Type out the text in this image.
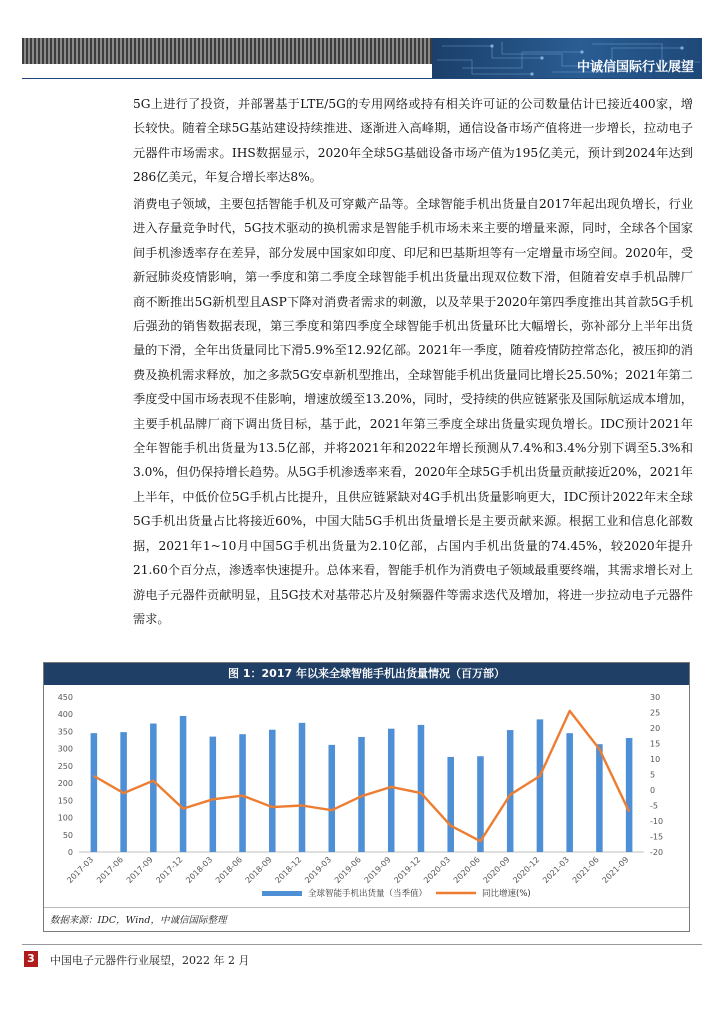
中诚信国际行业展望

5G上进行了投资，并部署基于LTE/5G的专用网络或持有相关许可证的公司数量估计已接近400家，增长较快。随着全球5G基站建设持续推进、逐渐进入高峰期，通信设备市场产值将进一步增长，拉动电子元器件市场需求。IHS数据显示，2020年全球5G基础设备市场产值为195亿美元，预计到2024年达到286亿美元，年复合增长率达8%。

消费电子领域，主要包括智能手机及可穿戴产品等。全球智能手机出货量自2017年起出现负增长，行业进入存量竞争时代，5G技术驱动的换机需求是智能手机市场未来主要的增量来源，同时，全球各个国家间手机渗透率存在差异，部分发展中国家如印度、印尼和巴基斯坦等有一定增量市场空间。2020年，受新冠肺炎疫情影响，第一季度和第二季度全球智能手机出货量出现双位数下滑，但随着安卓手机品牌厂商不断推出5G新机型且ASP下降对消费者需求的刺激，以及苹果于2020年第四季度推出其首款5G手机后强劲的销售数据表现，第三季度和第四季度全球智能手机出货量环比大幅增长，弥补部分上半年出货量的下滑，全年出货量同比下滑5.9%至12.92亿部。2021年一季度，随着疫情防控常态化，被压抑的消费及换机需求释放，加之多款5G安卓新机型推出，全球智能手机出货量同比增长25.50%；2021年第二季度受中国市场表现不佳影响，增速放缓至13.20%，同时，受持续的供应链紧张及国际航运成本增加，主要手机品牌厂商下调出货目标，基于此，2021年第三季度全球出货量实现负增长。IDC预计2021年全年智能手机出货量为13.5亿部，并将2021年和2022年增长预测从7.4%和3.4%分别下调至5.3%和3.0%，但仍保持增长趋势。从5G手机渗透率来看，2020年全球5G手机出货量贡献接近20%，2021年上半年，中低价位5G手机占比提升，且供应链紧缺对4G手机出货量影响更大，IDC预计2022年末全球5G手机出货量占比将接近60%，中国大陆5G手机出货量增长是主要贡献来源。根据工业和信息化部数据，2021年1~10月中国5G手机出货量为2.10亿部，占国内手机出货量的74.45%，较2020年提升21.60个百分点，渗透率快速提升。总体来看，智能手机作为消费电子领域最重要终端，其需求增长对上游电子元器件贡献明显，且5G技术对基带芯片及射频器件等需求迭代及增加，将进一步拉动电子元器件需求。

图 1：2017 年以来全球智能手机出货量情况（百万部）
0
50
100
150
200
250
300
350
400
450
-20
-15
-10
-5
0
5
10
15
20
25
30
2017-03 2017-06 2017-09 2017-12 2018-03 2018-06 2018-09 2018-12 2019-03 2019-06 2019-09 2019-12 2020-03 2020-06 2020-09 2020-12 2021-03 2021-06 2021-09
全球智能手机出货量（当季值）	同比增速(%)
数据来源：IDC，Wind，中诚信国际整理
3 中国电子元器件行业展望，2022 年 2 月
